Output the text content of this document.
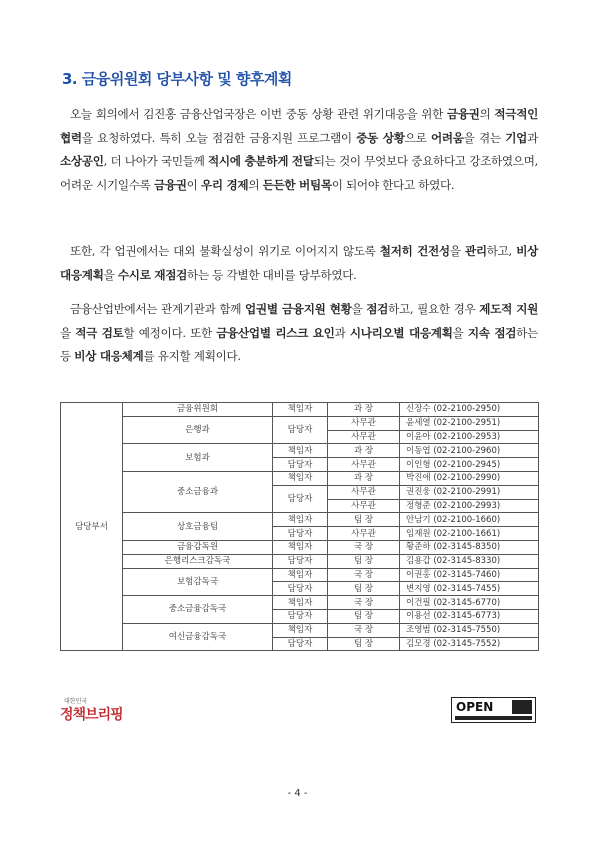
3. 금융위원회 당부사항 및 향후계획
오늘 회의에서 김진홍 금융산업국장은 이번 중동 상황 관련 위기대응을 위한 금융권의 적극적인 협력을 요청하였다. 특히 오늘 점검한 금융지원 프로그램이 중동 상황으로 어려움을 겪는 기업과 소상공인, 더 나아가 국민들께 적시에 충분하게 전달되는 것이 무엇보다 중요하다고 강조하였으며, 어려운 시기일수록 금융권이 우리 경제의 든든한 버팀목이 되어야 한다고 하였다.
또한, 각 업권에서는 대외 불확실성이 위기로 이어지지 않도록 철저히 건전성을 관리하고, 비상대응계획을 수시로 재점검하는 등 각별한 대비를 당부하였다.
금융산업반에서는 관계기관과 함께 업권별 금융지원 현황을 점검하고, 필요한 경우 제도적 지원을 적극 검토할 예정이다. 또한 금융산업별 리스크 요인과 시나리오별 대응계획을 지속 점검하는 등 비상 대응체계를 유지할 계획이다.
담당부서	금융위원회	책임자	과 장	신장수 (02-2100-2950)
	은행과	담당자	사무관	윤세열 (02-2100-2951)
			사무관	이윤아 (02-2100-2953)
	보험과	책임자	과 장	이동엽 (02-2100-2960)
		담당자	사무관	이인형 (02-2100-2945)
	중소금융과	책임자	과 장	박진애 (02-2100-2990)
		담당자	사무관	권진웅 (02-2100-2991)
			사무관	정형준 (02-2100-2993)
	상호금융팀	책임자	팀 장	안남기 (02-2100-1660)
		담당자	사무관	임재원 (02-2100-1661)
	금융감독원	책임자	국 장	황준하 (02-3145-8350)
	은행리스크감독국	담당자	팀 장	김용갑 (02-3145-8330)
	보험감독국	책임자	국 장	이권홍 (02-3145-7460)
		담당자	팀 장	변지영 (02-3145-7455)
	중소금융감독국	책임자	국 장	이건필 (02-3145-6770)
		담당자	팀 장	이용선 (02-3145-6773)
	여신금융감독국	책임자	국 장	조영범 (02-3145-7550)
		담당자	팀 장	김모경 (02-3145-7552)
대한민국
정책브리핑	OPEN
- 4 -
